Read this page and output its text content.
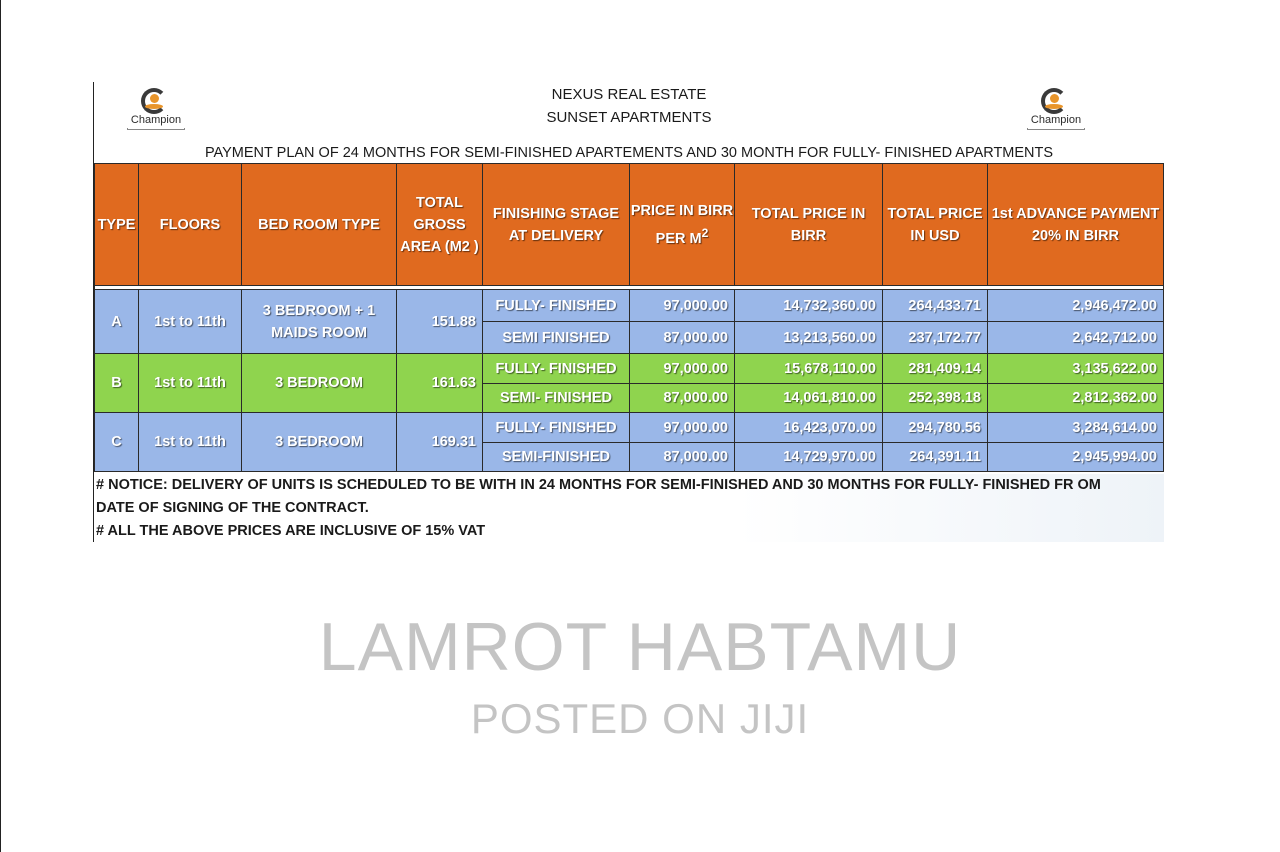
Champion	Champion
NEXUS REAL ESTATE
SUNSET APARTMENTS
PAYMENT PLAN OF 24 MONTHS FOR SEMI-FINISHED APARTEMENTS AND 30 MONTH FOR FULLY- FINISHED APARTMENTS
TYPE	FLOORS	BED ROOM TYPE	TOTAL GROSS AREA (M2 )	FINISHING STAGE AT DELIVERY	PRICE IN BIRR PER $M^2$	TOTAL PRICE IN BIRR	TOTAL PRICE IN USD	1st ADVANCE PAYMENT 20% IN BIRR

A	1st to 11th	3 BEDROOM + 1 MAIDS ROOM	151.88	FULLY- FINISHED	97,000.00	14,732,360.00	264,433.71	2,946,472.00
				SEMI FINISHED	87,000.00	13,213,560.00	237,172.77	2,642,712.00
B	1st to 11th	3 BEDROOM	161.63	FULLY- FINISHED	97,000.00	15,678,110.00	281,409.14	3,135,622.00
				SEMI- FINISHED	87,000.00	14,061,810.00	252,398.18	2,812,362.00
C	1st to 11th	3 BEDROOM	169.31	FULLY- FINISHED	97,000.00	16,423,070.00	294,780.56	3,284,614.00
				SEMI-FINISHED	87,000.00	14,729,970.00	264,391.11	2,945,994.00
# NOTICE: DELIVERY OF UNITS IS SCHEDULED TO BE WITH IN 24 MONTHS FOR SEMI-FINISHED AND 30 MONTHS FOR FULLY- FINISHED FR OM
DATE OF SIGNING OF THE CONTRACT.
# ALL THE ABOVE PRICES ARE INCLUSIVE OF 15% VAT
LAMROT HABTAMU
POSTED ON JIJI
